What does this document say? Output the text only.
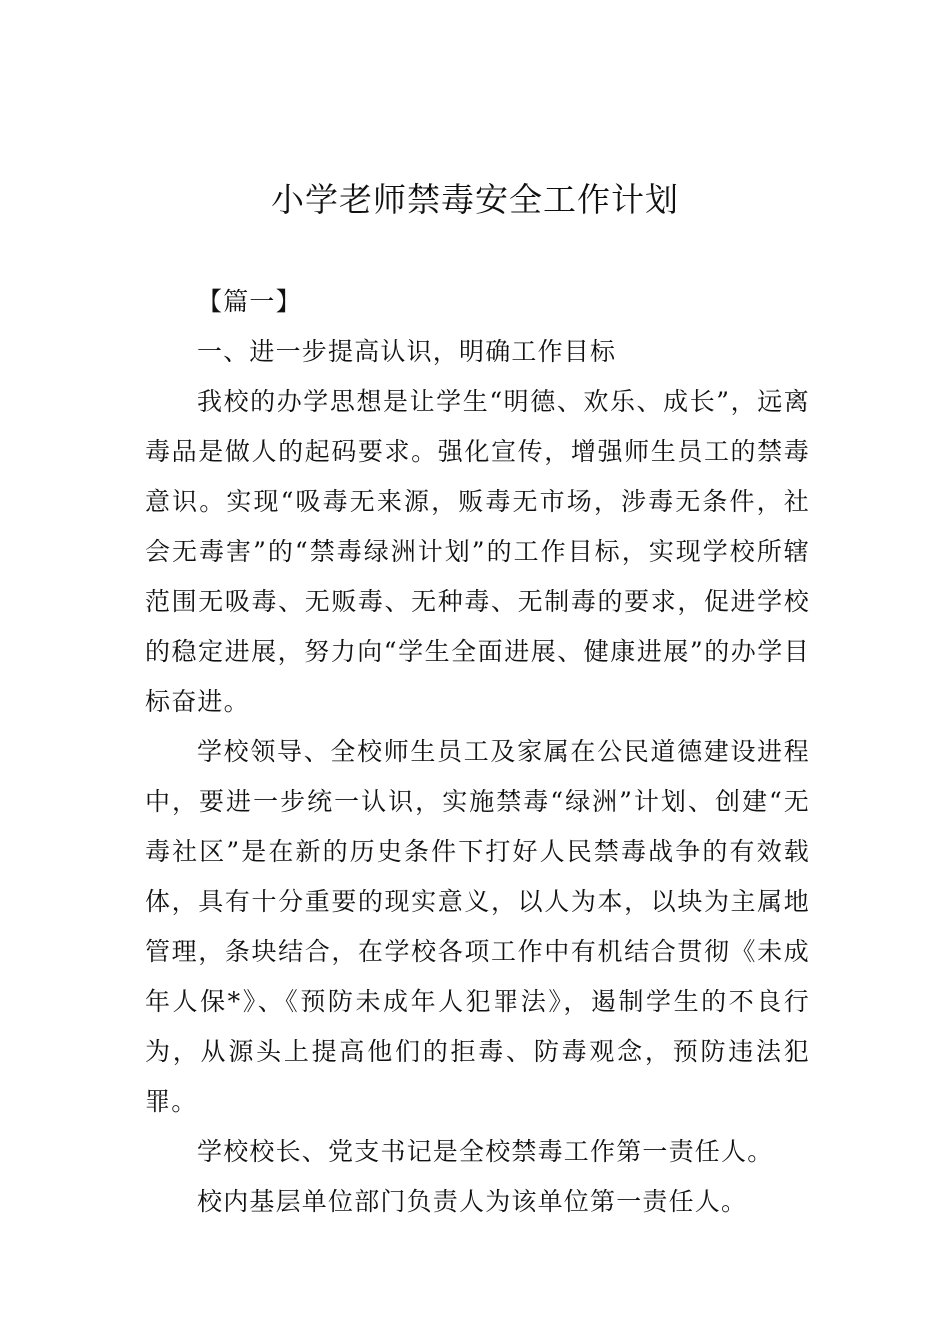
小学老师禁毒安全工作计划

【篇一】

一、进一步提高认识，明确工作目标

我校的办学思想是让学生“明德、欢乐、成长”，远离毒品是做人的起码要求。强化宣传，增强师生员工的禁毒意识。实现“吸毒无来源，贩毒无市场，涉毒无条件，社会无毒害”的“禁毒绿洲计划”的工作目标，实现学校所辖范围无吸毒、无贩毒、无种毒、无制毒的要求，促进学校的稳定进展，努力向“学生全面进展、健康进展”的办学目标奋进。

学校领导、全校师生员工及家属在公民道德建设进程中，要进一步统一认识，实施禁毒“绿洲”计划、创建“无毒社区”是在新的历史条件下打好人民禁毒战争的有效载体，具有十分重要的现实意义，以人为本，以块为主属地管理，条块结合，在学校各项工作中有机结合贯彻《未成年人保*》、《预防未成年人犯罪法》，遏制学生的不良行为，从源头上提高他们的拒毒、防毒观念，预防违法犯罪。

学校校长、党支书记是全校禁毒工作第一责任人。

校内基层单位部门负责人为该单位第一责任人。
